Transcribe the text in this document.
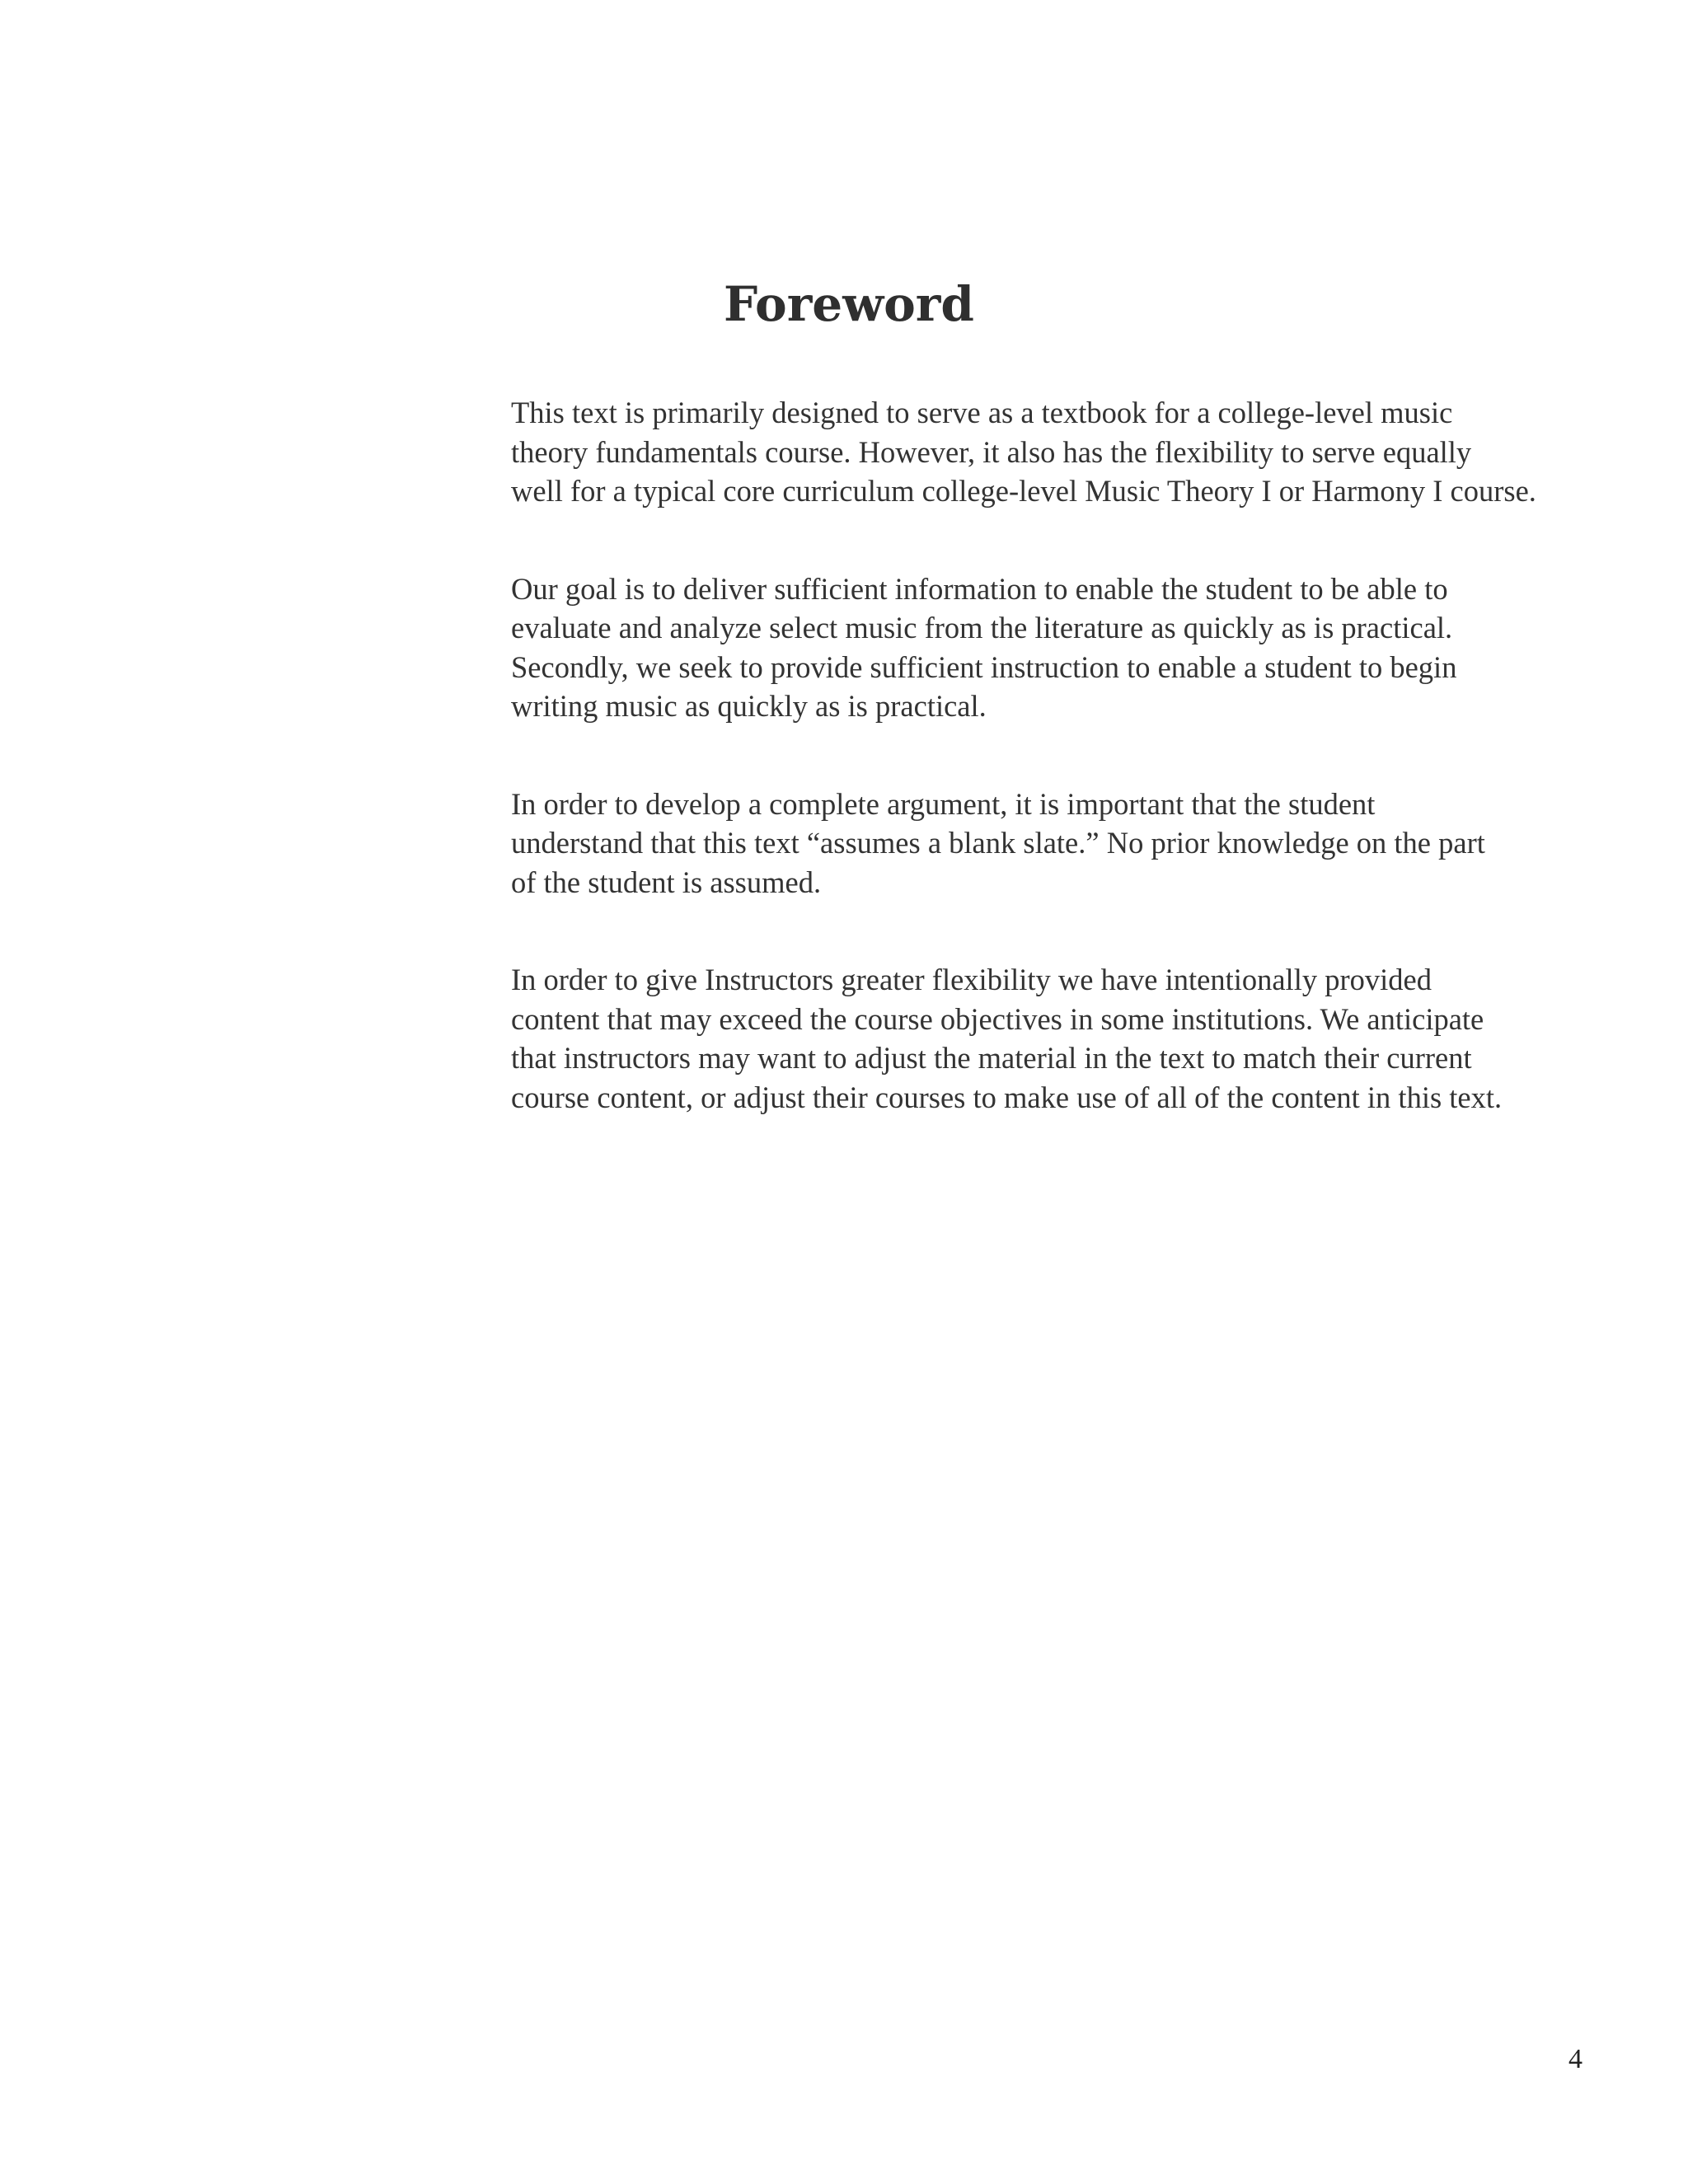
Foreword

This text is primarily designed to serve as a textbook for a college-level music
theory fundamentals course. However, it also has the flexibility to serve equally
well for a typical core curriculum college-level Music Theory I or Harmony I course.

Our goal is to deliver sufficient information to enable the student to be able to
evaluate and analyze select music from the literature as quickly as is practical.
Secondly, we seek to provide sufficient instruction to enable a student to begin
writing music as quickly as is practical.

In order to develop a complete argument, it is important that the student
understand that this text “assumes a blank slate.” No prior knowledge on the part
of the student is assumed.

In order to give Instructors greater flexibility we have intentionally provided
content that may exceed the course objectives in some institutions. We anticipate
that instructors may want to adjust the material in the text to match their current
course content, or adjust their courses to make use of all of the content in this text.

4
